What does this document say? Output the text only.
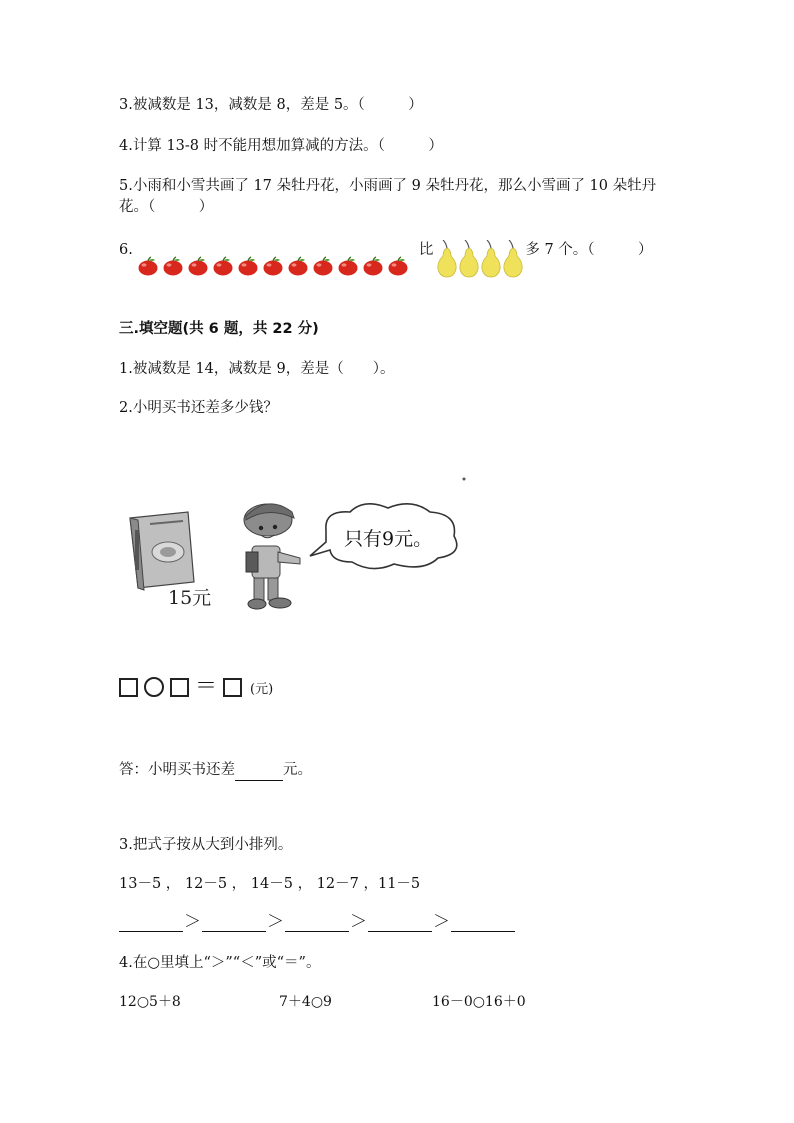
3.被减数是 13，减数是 8，差是 5。（　　　）
4.计算 13-8 时不能用想加算减的方法。（　　　）
5.小雨和小雪共画了 17 朵牡丹花，小雨画了 9 朵牡丹花，那么小雪画了 10 朵牡丹花。（　　　）
6.	比	多 7 个。（　　　）
三.填空题(共 6 题，共 22 分)
1.被减数是 14，减数是 9，差是（　　）。
2.小明买书还差多少钱？
15元
只有9元。
＝	(元)
答：小明买书还差	元。
3.把式子按从大到小排列。
13－5 ， 12－5 ， 14－5 ， 12－7 ，11－5
＞	＞	＞	＞
4.在○里填上“＞”“＜”或“＝”。
12○5＋8	7＋4○9	16－0○16＋0
